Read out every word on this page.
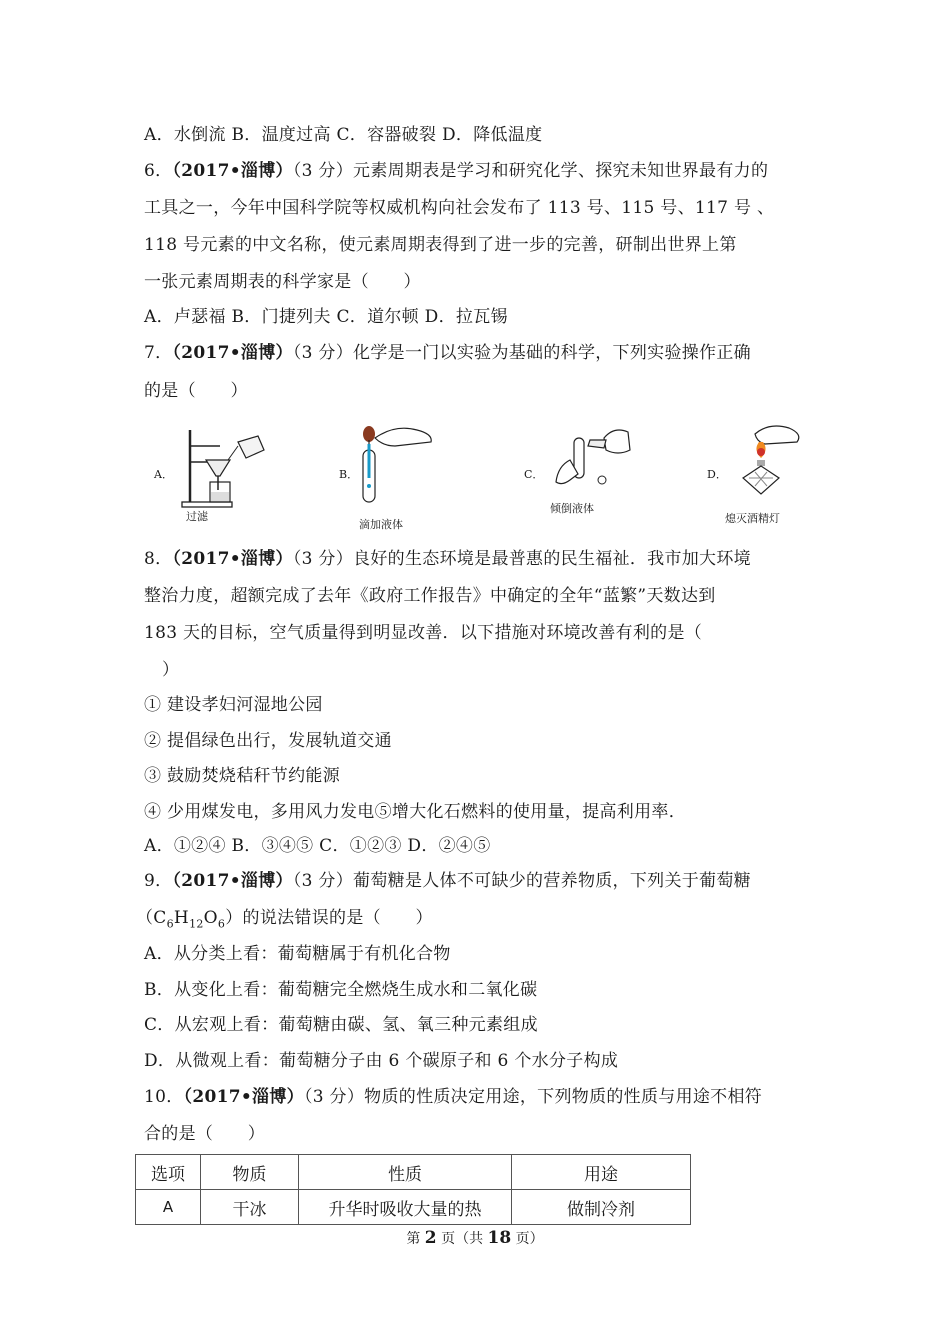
A．水倒流 B．温度过高 C．容器破裂 D．降低温度
6．（2017•淄博）（3 分）元素周期表是学习和研究化学、探究未知世界最有力的
工具之一，今年中国科学院等权威机构向社会发布了 113 号、115 号、117 号 、
118 号元素的中文名称，使元素周期表得到了进一步的完善，研制出世界上第
一张元素周期表的科学家是（　　）
A．卢瑟福 B．门捷列夫 C．道尔顿 D．拉瓦锡
7．（2017•淄博）（3 分）化学是一门以实验为基础的科学，下列实验操作正确
的是（　　）
A．
过滤
B．
滴加液体
C．
倾倒液体
D．
熄灭酒精灯
8．（2017•淄博）（3 分）良好的生态环境是最普惠的民生福祉．我市加大环境
整治力度，超额完成了去年《政府工作报告》中确定的全年“蓝繁”天数达到
183 天的目标，空气质量得到明显改善．以下措施对环境改善有利的是（
）
① 建设孝妇河湿地公园
② 提倡绿色出行，发展轨道交通
③ 鼓励焚烧秸秆节约能源
④ 少用煤发电，多用风力发电⑤增大化石燃料的使用量，提高利用率．
A．①②④ B．③④⑤ C．①②③ D．②④⑤
9．（2017•淄博）（3 分）葡萄糖是人体不可缺少的营养物质，下列关于葡萄糖
$(C_6H_{12}O_6)$的说法错误的是（　　）
A．从分类上看：葡萄糖属于有机化合物
B．从变化上看：葡萄糖完全燃烧生成水和二氧化碳
C．从宏观上看：葡萄糖由碳、氢、氧三种元素组成
D．从微观上看：葡萄糖分子由 6 个碳原子和 6 个水分子构成
10．（2017•淄博）（3 分）物质的性质决定用途，下列物质的性质与用途不相符
合的是（　　）
选项	物质	性质	用途
A	干冰	升华时吸收大量的热	做制冷剂
第 2 页（共 18 页）
